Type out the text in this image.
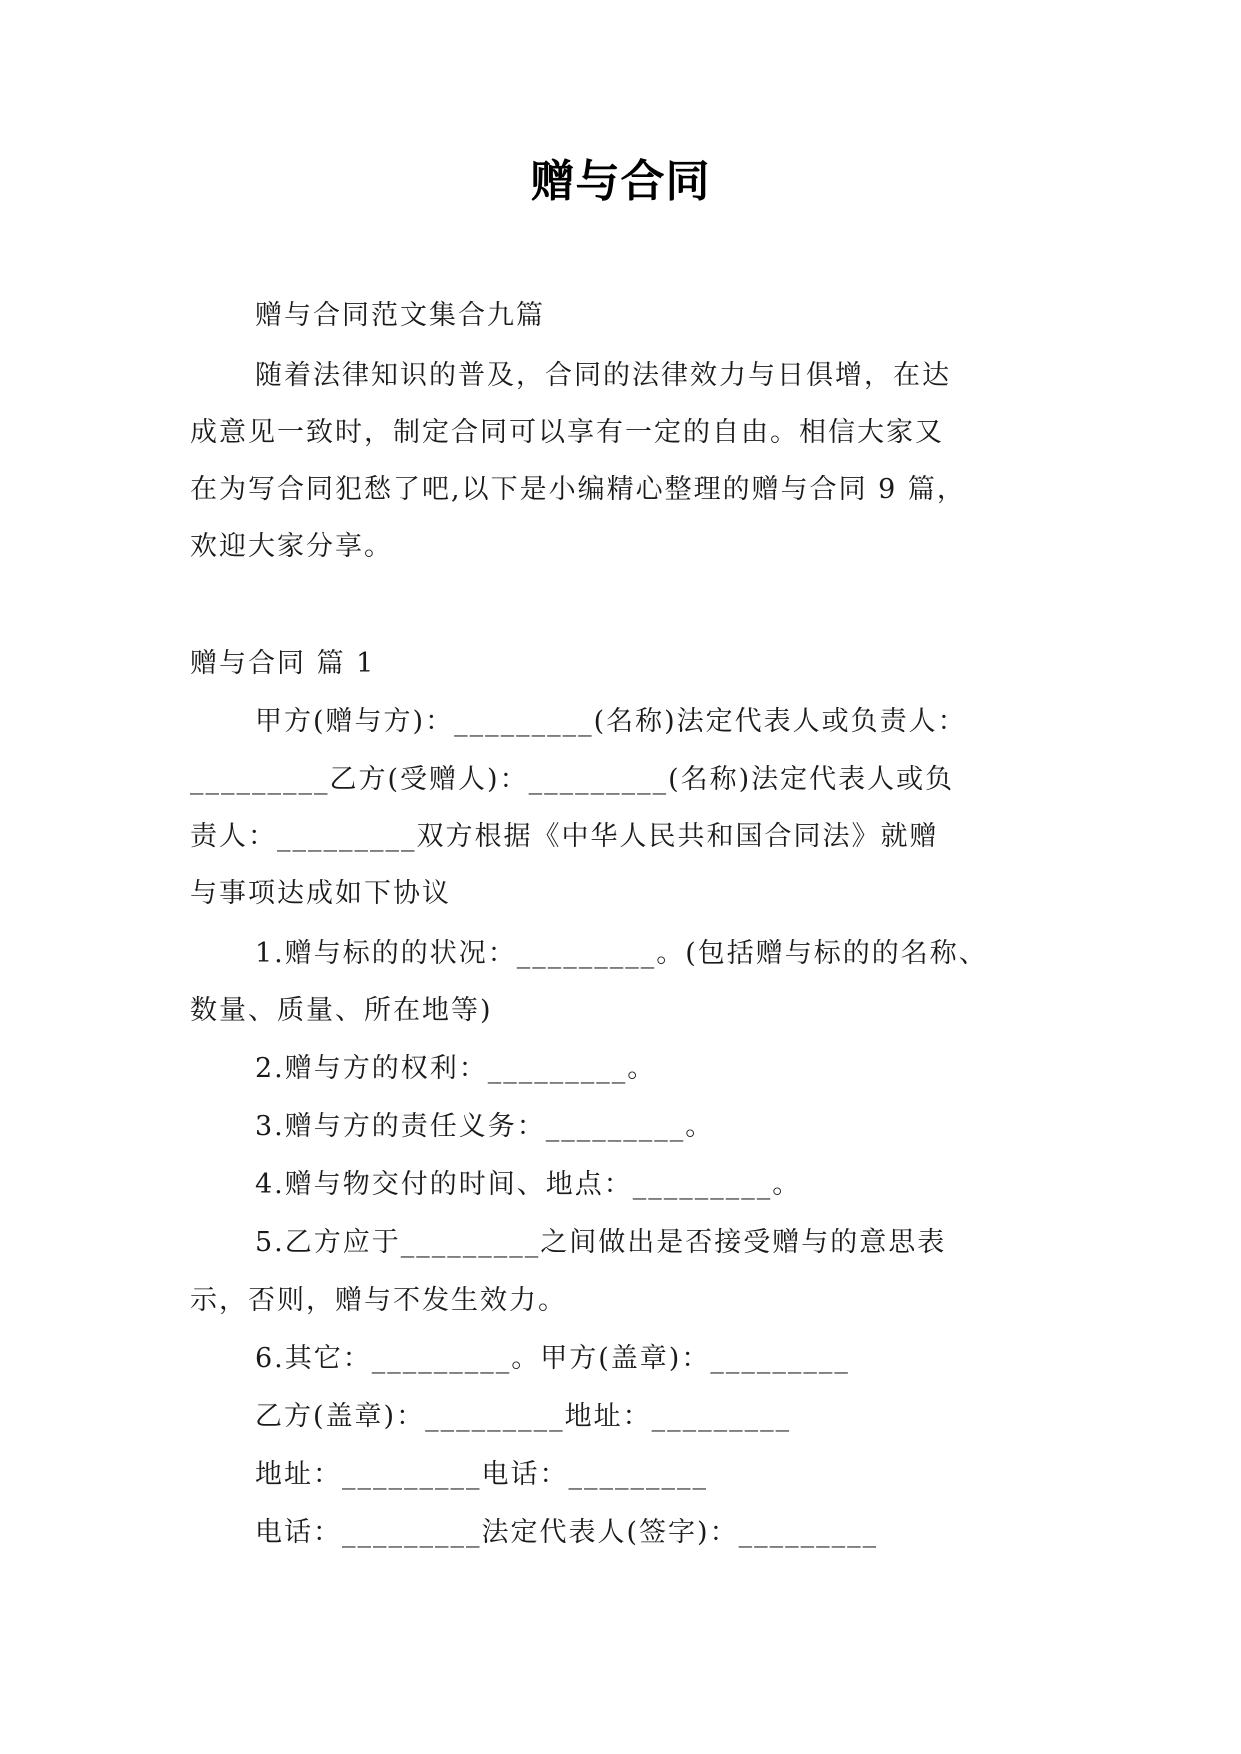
赠与合同
赠与合同范文集合九篇
随着法律知识的普及，合同的法律效力与日俱增，在达
成意见一致时，制定合同可以享有一定的自由。相信大家又
在为写合同犯愁了吧,以下是小编精心整理的赠与合同 9 篇，
欢迎大家分享。
赠与合同 篇 1
甲方(赠与方)：_________(名称)法定代表人或负责人：
_________乙方(受赠人)：_________(名称)法定代表人或负
责人：_________双方根据《中华人民共和国合同法》就赠
与事项达成如下协议
1.赠与标的的状况：_________。(包括赠与标的的名称、
数量、质量、所在地等)
2.赠与方的权利：_________。
3.赠与方的责任义务：_________。
4.赠与物交付的时间、地点：_________。
5.乙方应于_________之间做出是否接受赠与的意思表
示，否则，赠与不发生效力。
6.其它：_________。甲方(盖章)：_________
乙方(盖章)：_________地址：_________
地址：_________电话：_________
电话：_________法定代表人(签字)：_________
